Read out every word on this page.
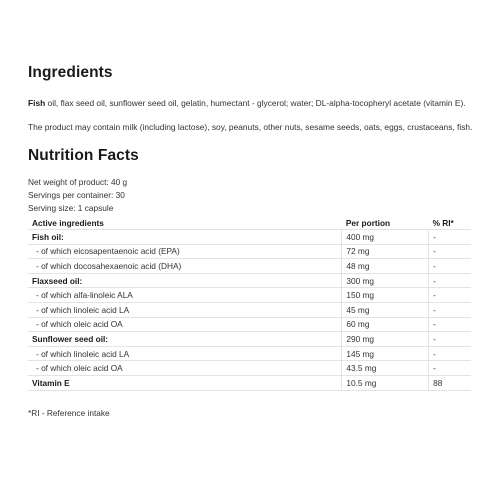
Ingredients

Fish oil, flax seed oil, sunflower seed oil, gelatin, humectant - glycerol; water; DL-alpha-tocopheryl acetate (vitamin E).

The product may contain milk (including lactose), soy, peanuts, other nuts, sesame seeds, oats, eggs, crustaceans, fish.

Nutrition Facts
Net weight of product: 40 g
Servings per container: 30
Serving size: 1 capsule
Active ingredients	Per portion	% RI*
Fish oil:	400 mg	-
- of which eicosapentaenoic acid (EPA)	72 mg	-
- of which docosahexaenoic acid (DHA)	48 mg	-
Flaxseed oil:	300 mg	-
- of which alfa-linoleic ALA	150 mg	-
- of which linoleic acid LA	45 mg	-
- of which oleic acid OA	60 mg	-
Sunflower seed oil:	290 mg	-
- of which linoleic acid LA	145 mg	-
- of which oleic acid OA	43.5 mg	-
Vitamin E	10.5 mg	88
*RI - Reference intake
